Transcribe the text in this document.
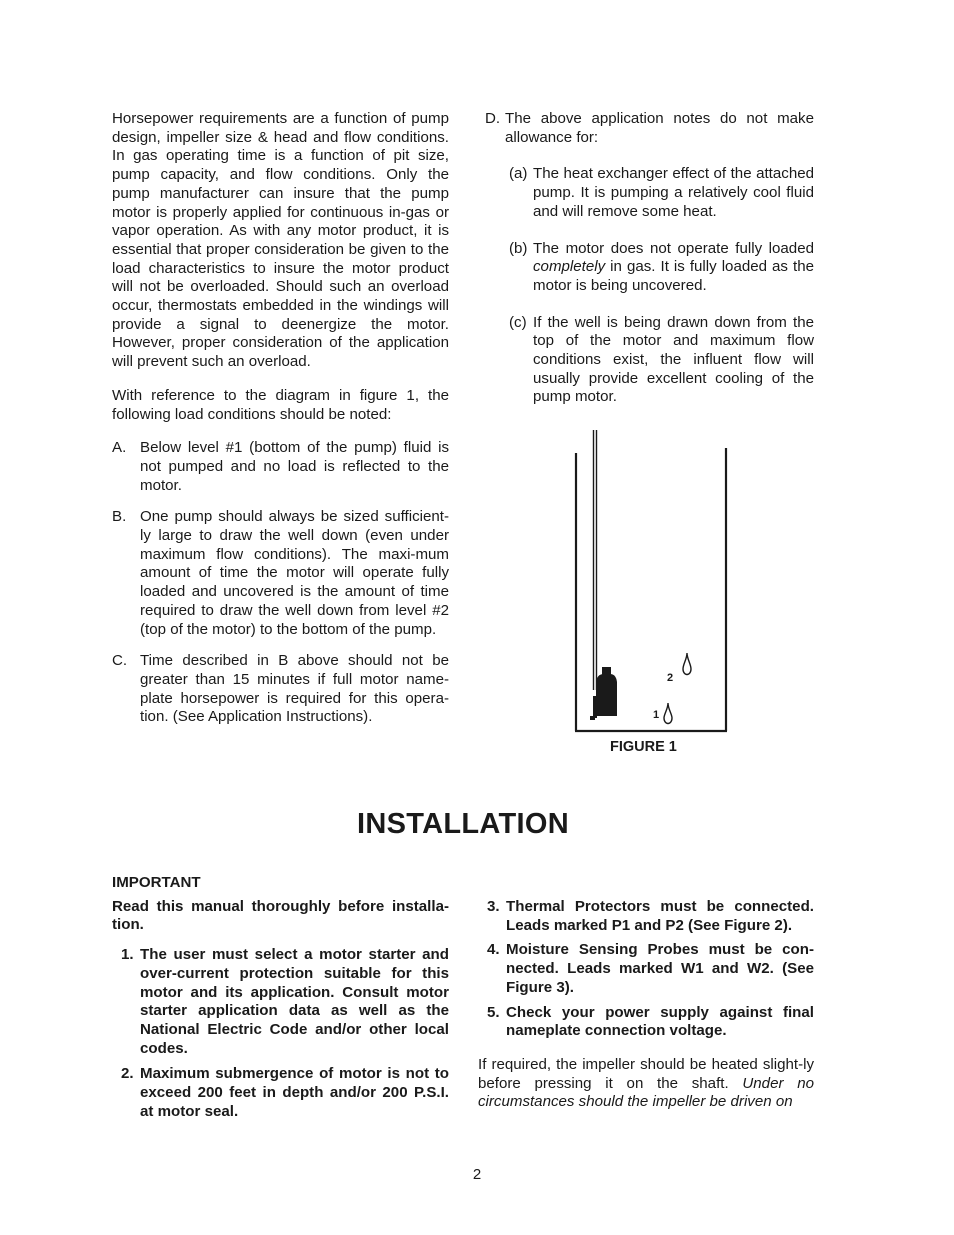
Horsepower requirements are a function of pump design, impeller size & head and flow conditions. In gas operating time is a function of pit size, pump capacity, and flow conditions. Only the pump manufacturer can insure that the pump motor is properly applied for continuous in-gas or vapor operation. As with any motor product, it is essential that proper consideration be given to the load characteristics to insure the motor product will not be overloaded. Should such an overload occur, thermostats embedded in the windings will provide a signal to deenergize the motor. However, proper consideration of the application will prevent such an overload.

With reference to the diagram in figure 1, the following load conditions should be noted:

A. Below level #1 (bottom of the pump) fluid is not pumped and no load is reflected to the motor.
B. One pump should always be sized sufficient-ly large to draw the well down (even under maximum flow conditions). The maxi-mum amount of time the motor will operate fully loaded and uncovered is the amount of time required to draw the well down from level #2 (top of the motor) to the bottom of the pump.
C. Time described in B above should not be greater than 15 minutes if full motor name-plate horsepower is required for this opera-tion. (See Application Instructions).
D. The above application notes do not make allowance for:
(a) The heat exchanger effect of the attached pump. It is pumping a relatively cool fluid and will remove some heat.
(b) The motor does not operate fully loaded completely in gas. It is fully loaded as the motor is being uncovered.
(c) If the well is being drawn down from the top of the motor and maximum flow conditions exist, the influent flow will usually provide excellent cooling of the pump motor.
2
1
FIGURE 1
INSTALLATION

IMPORTANT

Read this manual thoroughly before installa-tion.

1. The user must select a motor starter and over-current protection suitable for this motor and its application. Consult motor starter application data as well as the National Electric Code and/or other local codes.
2. Maximum submergence of motor is not to exceed 200 feet in depth and/or 200 P.S.I. at motor seal.
3. Thermal Protectors must be connected. Leads marked P1 and P2 (See Figure 2).
4. Moisture Sensing Probes must be con-nected. Leads marked W1 and W2. (See Figure 3).
5. Check your power supply against final nameplate connection voltage.

If required, the impeller should be heated slight-ly before pressing it on the shaft. Under no circumstances should the impeller be driven on

2
